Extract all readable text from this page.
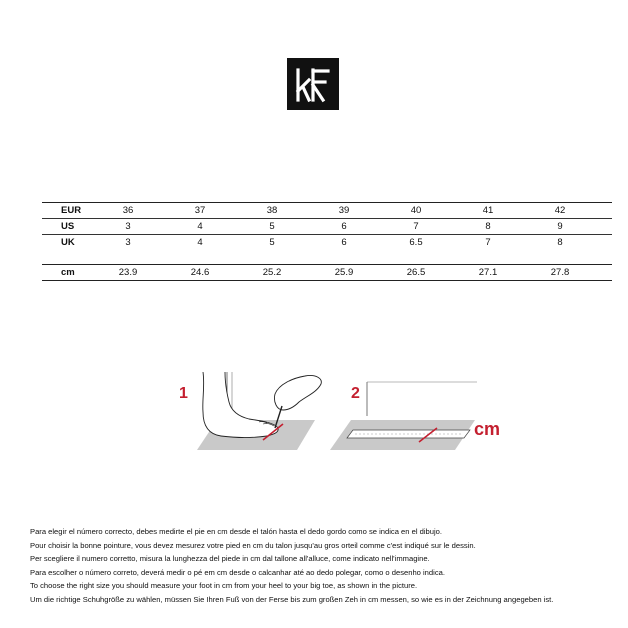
EUR	36	37	38	39	40	41	42
US	3	4	5	6	7	8	9
UK	3	4	5	6	6.5	7	8
cm	23.9	24.6	25.2	25.9	26.5	27.1	27.8
1	2
cm

Para elegir el número correcto, debes medirte el pie en cm desde el talón hasta el dedo gordo como se indica en el dibujo.

Pour choisir la bonne pointure, vous devez mesurez votre pied en cm du talon jusqu'au gros orteil comme c'est indiqué sur le dessin.

Per scegliere il numero corretto, misura la lunghezza del piede in cm dal tallone all'alluce, come indicato nell'immagine.

Para escolher o número correto, deverá medir o pé em cm desde o calcanhar até ao dedo polegar, como o desenho indica.

To choose the right size you should measure your foot in cm from your heel to your big toe, as shown in the picture.

Um die richtige Schuhgröße zu wählen, müssen Sie Ihren Fuß von der Ferse bis zum großen Zeh in cm messen, so wie es in der Zeichnung angegeben ist.
